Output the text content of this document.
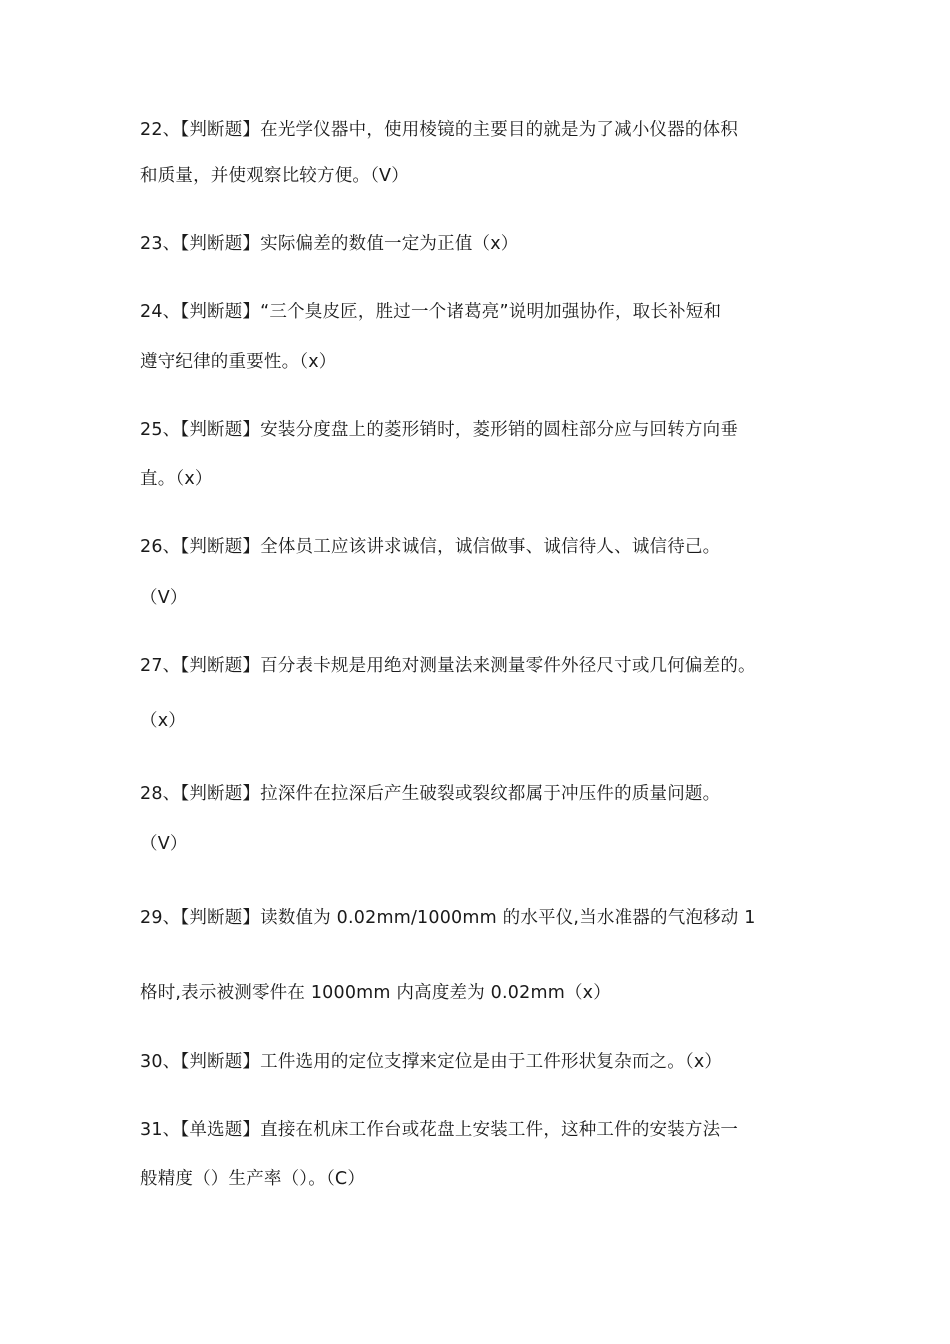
22、【判断题】在光学仪器中，使用棱镜的主要目的就是为了减小仪器的体积
和质量，并使观察比较方便。（V）
23、【判断题】实际偏差的数值一定为正值（x）
24、【判断题】“三个臭皮匠，胜过一个诸葛亮”说明加强协作，取长补短和
遵守纪律的重要性。（x）
25、【判断题】安装分度盘上的菱形销时，菱形销的圆柱部分应与回转方向垂
直。（x）
26、【判断题】全体员工应该讲求诚信，诚信做事、诚信待人、诚信待己。
（V）
27、【判断题】百分表卡规是用绝对测量法来测量零件外径尺寸或几何偏差的。
（x）
28、【判断题】拉深件在拉深后产生破裂或裂纹都属于冲压件的质量问题。
（V）
29、【判断题】读数值为 0.02mm/1000mm 的水平仪,当水准器的气泡移动 1
格时,表示被测零件在 1000mm 内高度差为 0.02mm（x）
30、【判断题】工件选用的定位支撑来定位是由于工件形状复杂而之。（x）
31、【单选题】直接在机床工作台或花盘上安装工件，这种工件的安装方法一
般精度（）生产率（）。（C）
